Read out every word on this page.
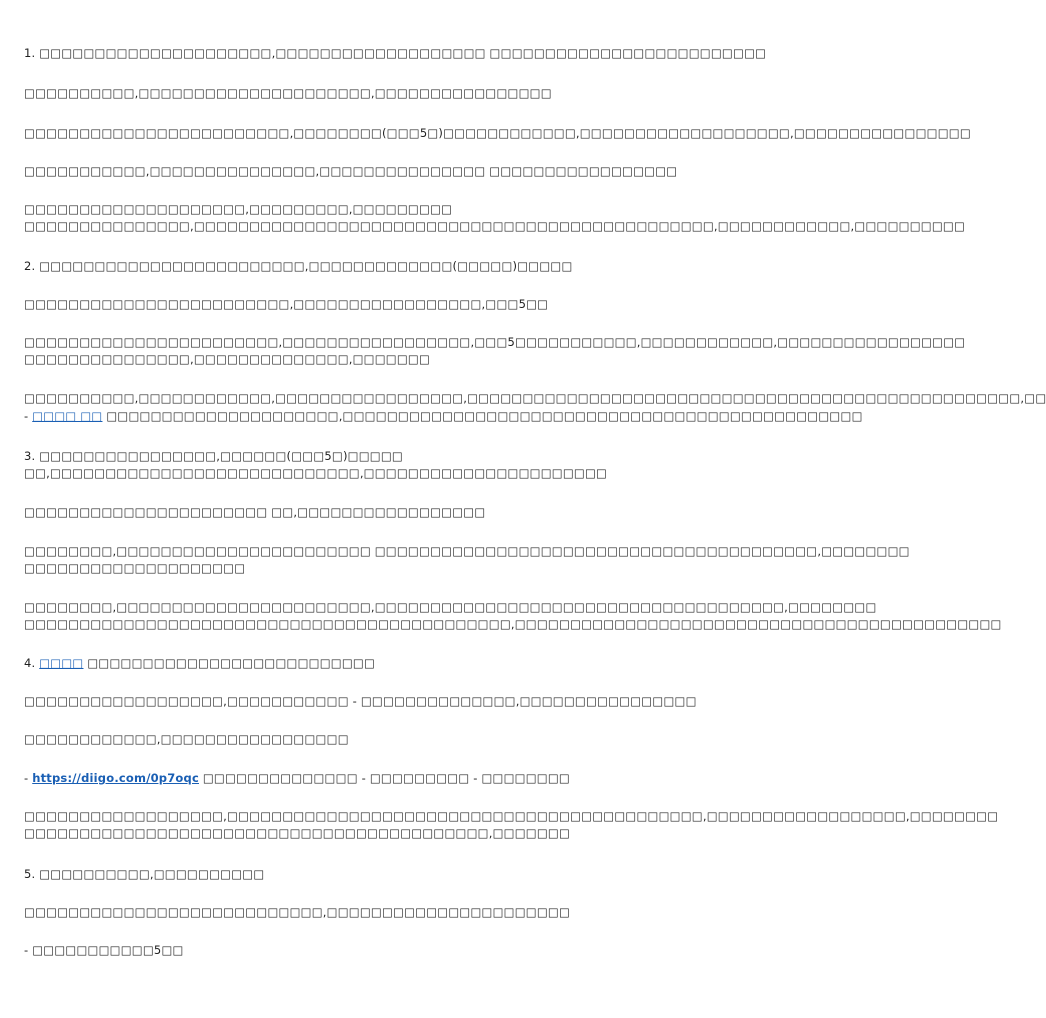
1. □□□□□□□□□□□□□□□□□□□□□,□□□□□□□□□□□□□□□□□□□ □□□□□□□□□□□□□□□□□□□□□□□□□
□□□□□□□□□□,□□□□□□□□□□□□□□□□□□□□□,□□□□□□□□□□□□□□□□
□□□□□□□□□□□□□□□□□□□□□□□□,□□□□□□□□(□□□5□)□□□□□□□□□□□□,□□□□□□□□□□□□□□□□□□□,□□□□□□□□□□□□□□□□
□□□□□□□□□□□,□□□□□□□□□□□□□□□,□□□□□□□□□□□□□□□ □□□□□□□□□□□□□□□□□
□□□□□□□□□□□□□□□□□□□□,□□□□□□□□□,□□□□□□□□□
□□□□□□□□□□□□□□□,□□□□□□□□□□□□□□□□□□□□□□□□□□□□□□□□□□□□□□□□□□□□□□□,□□□□□□□□□□□□,□□□□□□□□□□
2. □□□□□□□□□□□□□□□□□□□□□□□□,□□□□□□□□□□□□□(□□□□□)□□□□□
□□□□□□□□□□□□□□□□□□□□□□□□,□□□□□□□□□□□□□□□□□,□□□5□□
□□□□□□□□□□□□□□□□□□□□□□□,□□□□□□□□□□□□□□□□□,□□□5□□□□□□□□□□□,□□□□□□□□□□□□,□□□□□□□□□□□□□□□□□
□□□□□□□□□□□□□□□,□□□□□□□□□□□□□□,□□□□□□□
□□□□□□□□□□,□□□□□□□□□□□□,□□□□□□□□□□□□□□□□□,□□□□□□□□□□□□□□□□□□□□□□□□□□□□□□□□□□□□□□□□□□□□□□□□□□,□□
- □□□□ □□ □□□□□□□□□□□□□□□□□□□□□,□□□□□□□□□□□□□□□□□□□□□□□□□□□□□□□□□□□□□□□□□□□□□□□
3. □□□□□□□□□□□□□□□□,□□□□□□(□□□5□)□□□□□
□□,□□□□□□□□□□□□□□□□□□□□□□□□□□□□,□□□□□□□□□□□□□□□□□□□□□□
□□□□□□□□□□□□□□□□□□□□□□ □□,□□□□□□□□□□□□□□□□□
□□□□□□□□,□□□□□□□□□□□□□□□□□□□□□□□ □□□□□□□□□□□□□□□□□□□□□□□□□□□□□□□□□□□□□□□□,□□□□□□□□
□□□□□□□□□□□□□□□□□□□□
□□□□□□□□,□□□□□□□□□□□□□□□□□□□□□□□,□□□□□□□□□□□□□□□□□□□□□□□□□□□□□□□□□□□□□,□□□□□□□□
□□□□□□□□□□□□□□□□□□□□□□□□□□□□□□□□□□□□□□□□□□□□,□□□□□□□□□□□□□□□□□□□□□□□□□□□□□□□□□□□□□□□□□□□□
4. □□□□ □□□□□□□□□□□□□□□□□□□□□□□□□□
□□□□□□□□□□□□□□□□□□,□□□□□□□□□□□ - □□□□□□□□□□□□□□,□□□□□□□□□□□□□□□□
□□□□□□□□□□□□,□□□□□□□□□□□□□□□□□
- https://diigo.com/0p7oqc □□□□□□□□□□□□□□ - □□□□□□□□□ - □□□□□□□□
□□□□□□□□□□□□□□□□□□,□□□□□□□□□□□□□□□□□□□□□□□□□□□□□□□□□□□□□□□□□□□,□□□□□□□□□□□□□□□□□□,□□□□□□□□
□□□□□□□□□□□□□□□□□□□□□□□□□□□□□□□□□□□□□□□□□□,□□□□□□□
5. □□□□□□□□□□,□□□□□□□□□□
□□□□□□□□□□□□□□□□□□□□□□□□□□□,□□□□□□□□□□□□□□□□□□□□□□
- □□□□□□□□□□□5□□
